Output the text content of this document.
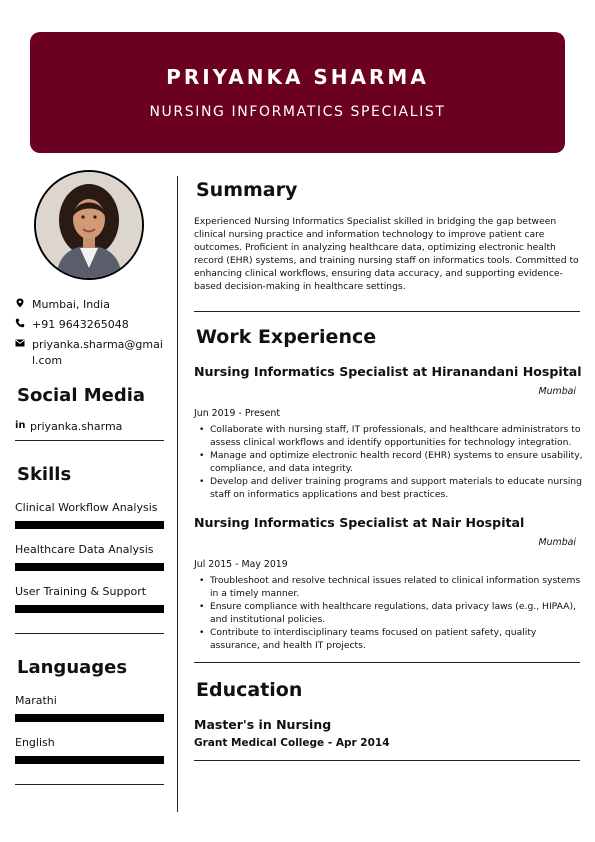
PRIYANKA SHARMA
NURSING INFORMATICS SPECIALIST
Mumbai, India
+91 9643265048
priyanka.sharma@gmail.com
Social Media
in priyanka.sharma
Skills
Clinical Workflow Analysis
Healthcare Data Analysis
User Training & Support
Languages
Marathi
English
Summary
Experienced Nursing Informatics Specialist skilled in bridging the gap between clinical nursing practice and information technology to improve patient care outcomes. Proficient in analyzing healthcare data, optimizing electronic health record (EHR) systems, and training nursing staff on informatics tools. Committed to enhancing clinical workflows, ensuring data accuracy, and supporting evidence-based decision-making in healthcare settings.
Work Experience
Nursing Informatics Specialist at Hiranandani Hospital
Mumbai
Jun 2019 - Present
• Collaborate with nursing staff, IT professionals, and healthcare administrators to assess clinical workflows and identify opportunities for technology integration.
• Manage and optimize electronic health record (EHR) systems to ensure usability, compliance, and data integrity.
• Develop and deliver training programs and support materials to educate nursing staff on informatics applications and best practices.
Nursing Informatics Specialist at Nair Hospital
Mumbai
Jul 2015 - May 2019
• Troubleshoot and resolve technical issues related to clinical information systems in a timely manner.
• Ensure compliance with healthcare regulations, data privacy laws (e.g., HIPAA), and institutional policies.
• Contribute to interdisciplinary teams focused on patient safety, quality assurance, and health IT projects.
Education
Master's in Nursing
Grant Medical College - Apr 2014
